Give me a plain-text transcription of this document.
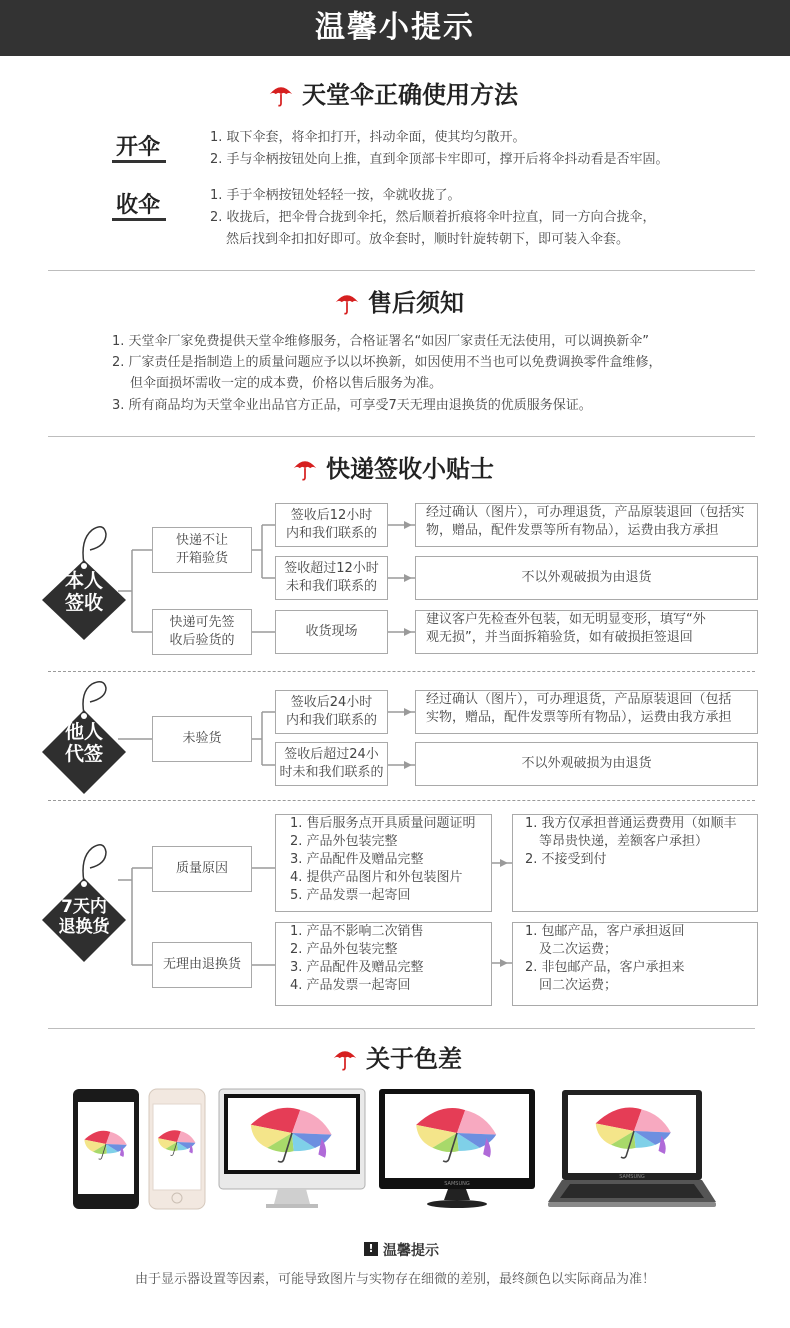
温馨小提示
天堂伞正确使用方法
开伞	1. 取下伞套，将伞扣打开，抖动伞面，使其均匀散开。
2. 手与伞柄按钮处向上推，直到伞顶部卡牢即可，撑开后将伞抖动看是否牢固。
收伞	1. 手于伞柄按钮处轻轻一按，伞就收拢了。
2. 收拢后，把伞骨合拢到伞托，然后顺着折痕将伞叶拉直，同一方向合拢伞，
然后找到伞扣扣好即可。放伞套时，顺时针旋转朝下，即可装入伞套。
售后须知
1. 天堂伞厂家免费提供天堂伞维修服务，合格证署名“如因厂家责任无法使用，可以调换新伞”
2. 厂家责任是指制造上的质量问题应予以以坏换新，如因使用不当也可以免费调换零件盒维修，
但伞面损坏需收一定的成本费，价格以售后服务为准。
3. 所有商品均为天堂伞业出品官方正品，可享受7天无理由退换货的优质服务保证。
快递签收小贴士
本人
签收
快递不让
开箱验货
签收后12小时
内和我们联系的
经过确认（图片），可办理退货，产品原装退回（包括实
物，赠品，配件发票等所有物品），运费由我方承担
签收超过12小时
未和我们联系的
不以外观破损为由退货
快递可先签
收后验货的
收货现场
建议客户先检查外包装，如无明显变形，填写“外
观无损”，并当面拆箱验货，如有破损拒签退回
他人
代签
未验货
签收后24小时
内和我们联系的
经过确认（图片），可办理退货，产品原装退回（包括
实物，赠品，配件发票等所有物品），运费由我方承担
签收后超过24小
时未和我们联系的
不以外观破损为由退货
7天内
退换货
质量原因
1. 售后服务点开具质量问题证明
2. 产品外包装完整
3. 产品配件及赠品完整
4. 提供产品图片和外包装图片
5. 产品发票一起寄回
1. 我方仅承担普通运费费用（如顺丰
等昂贵快递，差额客户承担）
2. 不接受到付
无理由退换货
1. 产品不影响二次销售
2. 产品外包装完整
3. 产品配件及赠品完整
4. 产品发票一起寄回
1. 包邮产品，客户承担返回
及二次运费；
2. 非包邮产品，客户承担来
回二次运费；
关于色差
SAMSUNG
SAMSUNG
! 温馨提示
由于显示器设置等因素，可能导致图片与实物存在细微的差别，最终颜色以实际商品为准！
